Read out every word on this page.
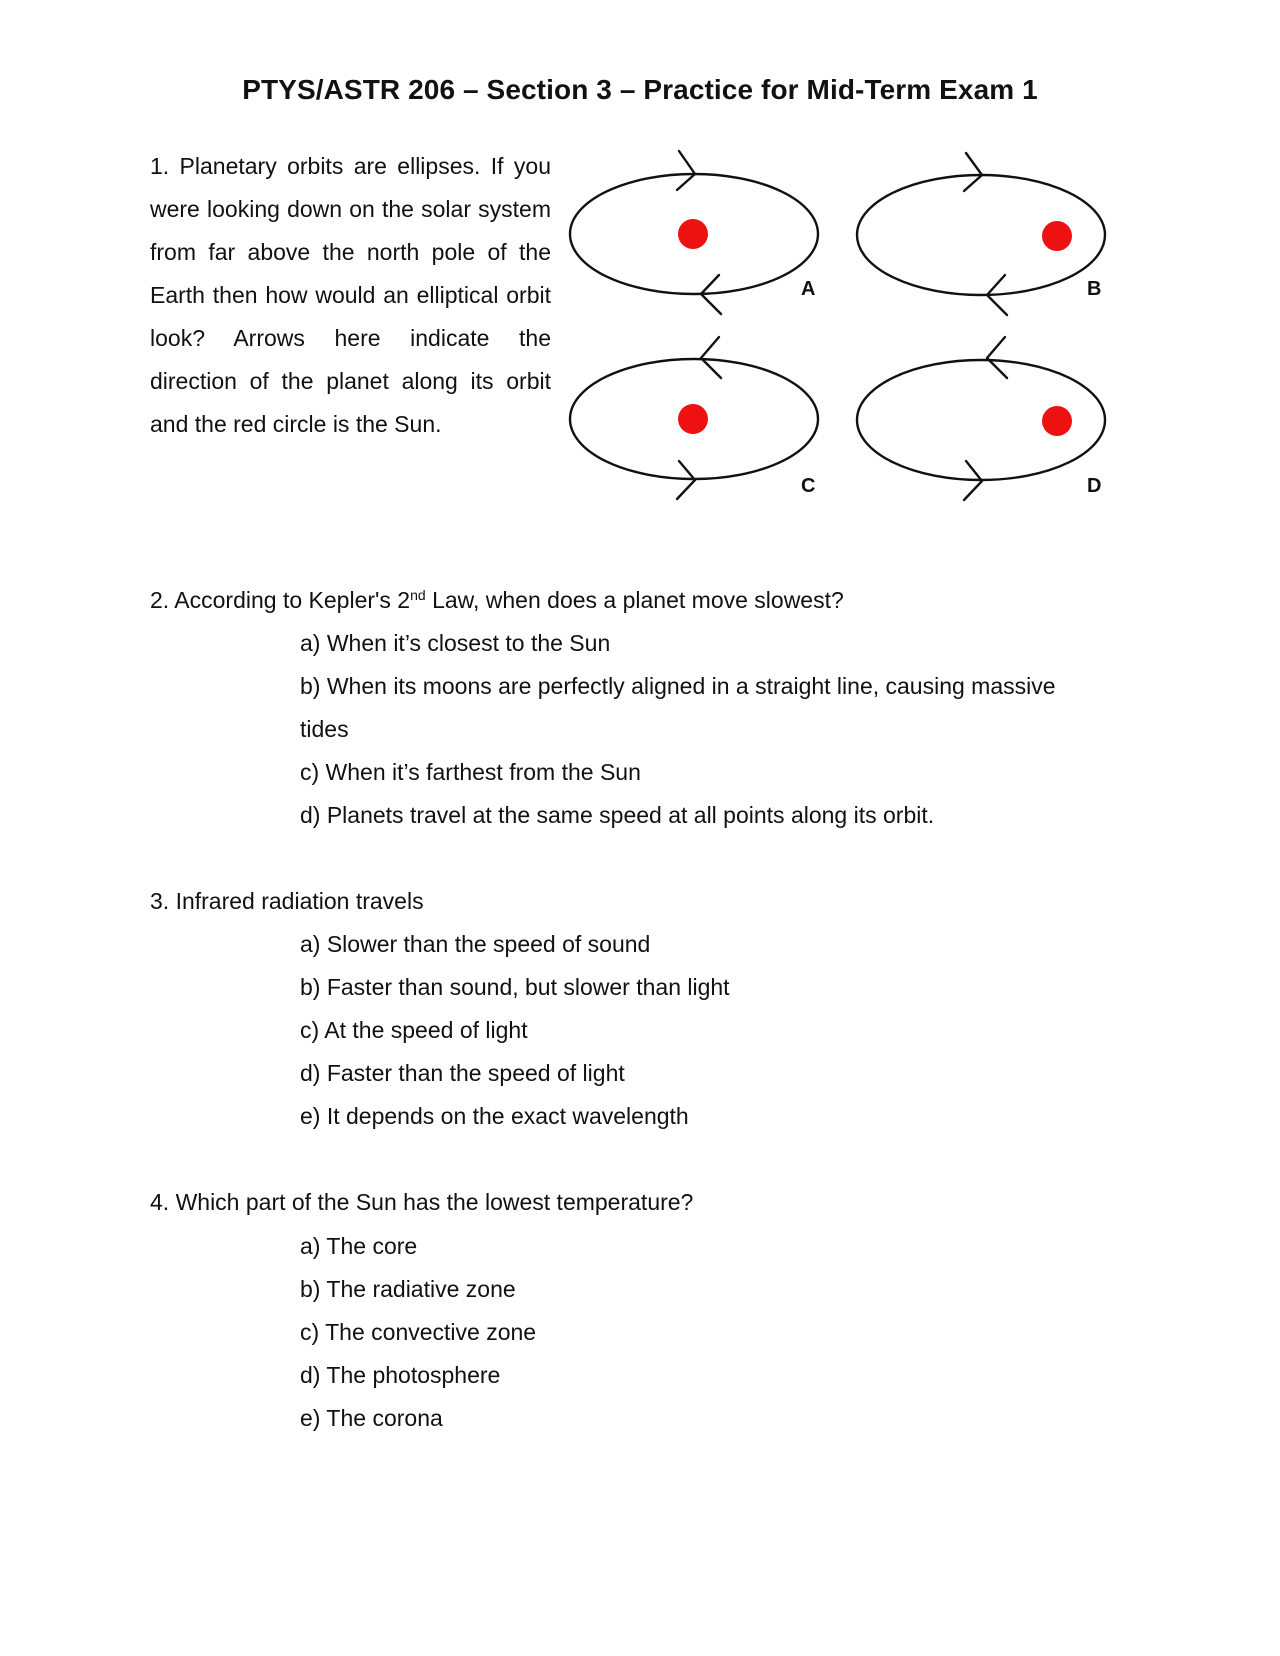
PTYS/ASTR 206 – Section 3 – Practice for Mid-Term Exam 1
1. Planetary orbits are ellipses. If you were looking down on the solar system from far above the north pole of the Earth then how would an elliptical orbit look? Arrows here indicate the direction of the planet along its orbit and the red circle is the Sun.
A	B
C	D
2. According to Kepler's 2nd Law, when does a planet move slowest?
a) When it’s closest to the Sun
b) When its moons are perfectly aligned in a straight line, causing massive
tides
c) When it’s farthest from the Sun
d) Planets travel at the same speed at all points along its orbit.
3. Infrared radiation travels
a) Slower than the speed of sound
b) Faster than sound, but slower than light
c) At the speed of light
d) Faster than the speed of light
e) It depends on the exact wavelength
4. Which part of the Sun has the lowest temperature?
a) The core
b) The radiative zone
c) The convective zone
d) The photosphere
e) The corona
